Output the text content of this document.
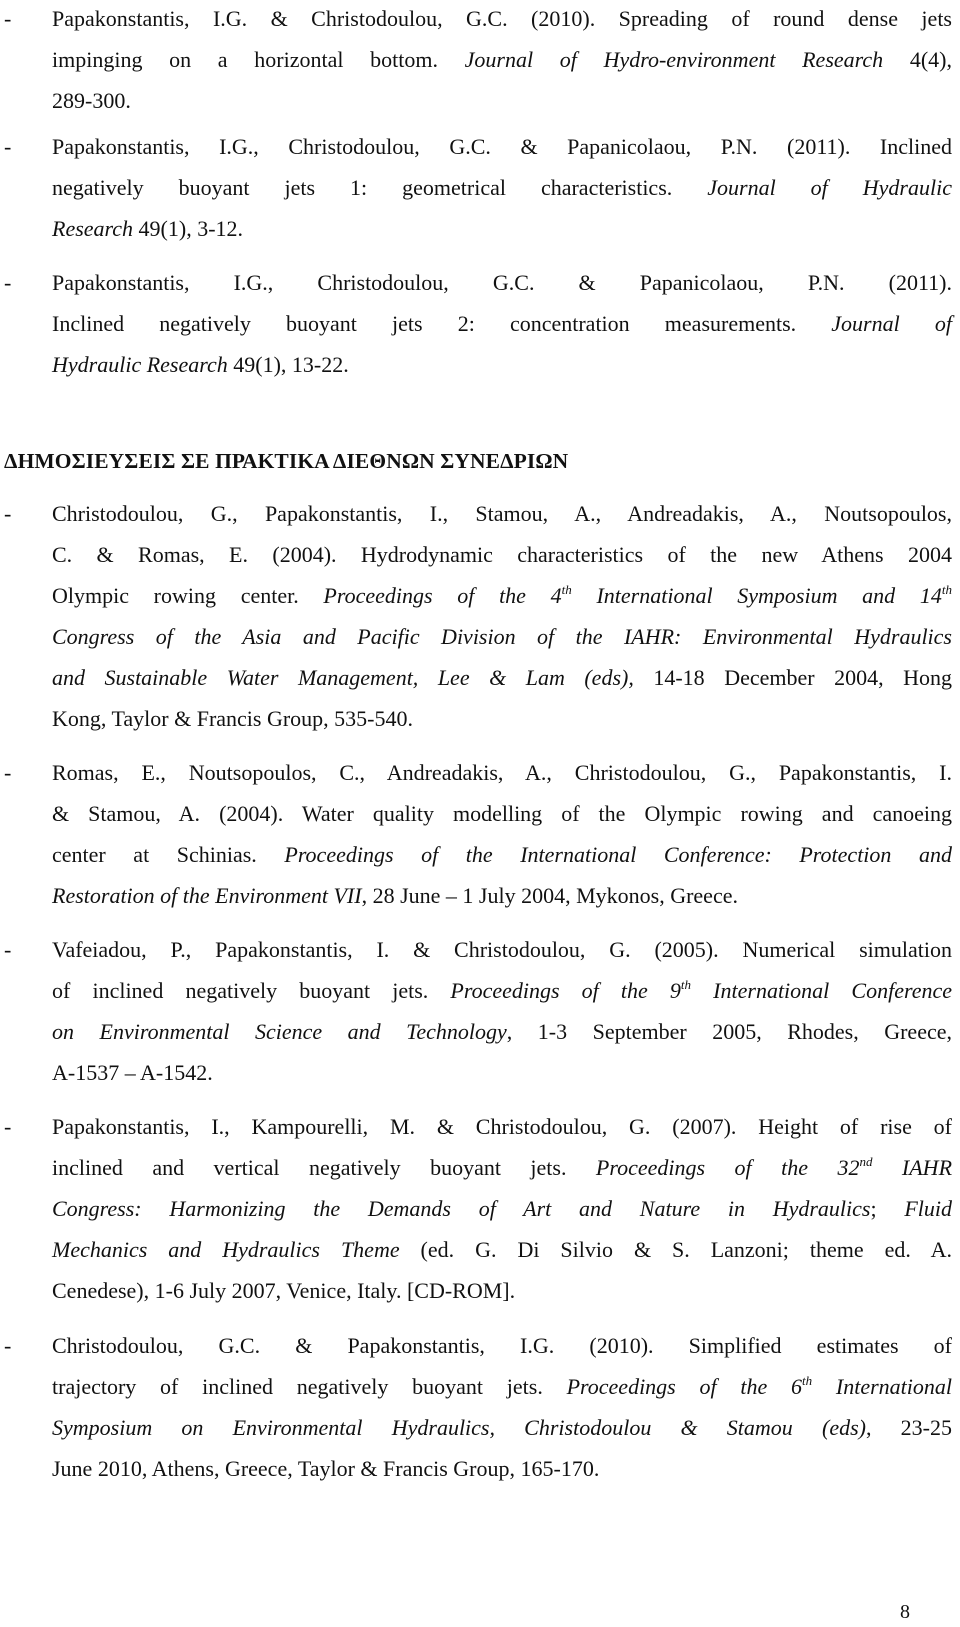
- Papakonstantis, I.G. & Christodoulou, G.C. (2010). Spreading of round dense jets
impinging on a horizontal bottom. Journal of Hydro-environment Research 4(4),
289-300.
- Papakonstantis, I.G., Christodoulou, G.C. & Papanicolaou, P.N. (2011). Inclined
negatively buoyant jets 1: geometrical characteristics. Journal of Hydraulic
Research 49(1), 3-12.
- Papakonstantis, I.G., Christodoulou, G.C. & Papanicolaou, P.N. (2011).
Inclined negatively buoyant jets 2: concentration measurements. Journal of
Hydraulic Research 49(1), 13-22.
ΔΗΜΟΣΙΕΥΣΕΙΣ ΣΕ ΠΡΑΚΤΙΚΑ ΔΙΕΘΝΩΝ ΣΥΝΕΔΡΙΩΝ
- Christodoulou, G., Papakonstantis, I., Stamou, A., Andreadakis, A., Noutsopoulos,
C. & Romas, E. (2004). Hydrodynamic characteristics of the new Athens 2004
Olympic rowing center. Proceedings of the 4th International Symposium and 14th
Congress of the Asia and Pacific Division of the IAHR: Environmental Hydraulics
and Sustainable Water Management, Lee & Lam (eds), 14-18 December 2004, Hong
Kong, Taylor & Francis Group, 535-540.
- Romas, E., Noutsopoulos, C., Andreadakis, A., Christodoulou, G., Papakonstantis, I.
& Stamou, A. (2004). Water quality modelling of the Olympic rowing and canoeing
center at Schinias. Proceedings of the International Conference: Protection and
Restoration of the Environment VII, 28 June – 1 July 2004, Mykonos, Greece.
- Vafeiadou, P., Papakonstantis, I. & Christodoulou, G. (2005). Numerical simulation
of inclined negatively buoyant jets. Proceedings of the 9th International Conference
on Environmental Science and Technology, 1-3 September 2005, Rhodes, Greece,
A-1537 – A-1542.
- Papakonstantis, I., Kampourelli, M. & Christodoulou, G. (2007). Height of rise of
inclined and vertical negatively buoyant jets. Proceedings of the 32nd IAHR
Congress: Harmonizing the Demands of Art and Nature in Hydraulics; Fluid
Mechanics and Hydraulics Theme (ed. G. Di Silvio & S. Lanzoni; theme ed. A.
Cenedese), 1-6 July 2007, Venice, Italy. [CD-ROM].
- Christodoulou, G.C. & Papakonstantis, I.G. (2010). Simplified estimates of
trajectory of inclined negatively buoyant jets. Proceedings of the 6th International
Symposium on Environmental Hydraulics, Christodoulou & Stamou (eds), 23-25
June 2010, Athens, Greece, Taylor & Francis Group, 165-170.
8
